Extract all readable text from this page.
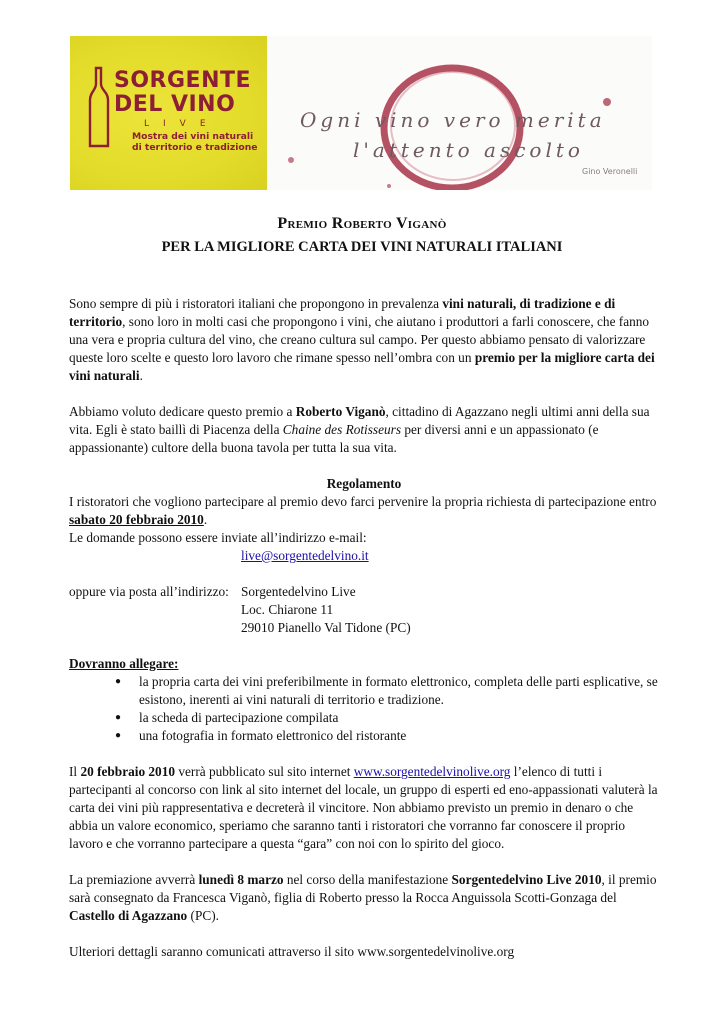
SORGENTE
DEL VINO
LIVE
Mostra dei vini naturali
di territorio e tradizione
Ogni vino vero merita
l'attento ascolto
Gino Veronelli
Premio Roberto Viganò
PER LA MIGLIORE CARTA DEI VINI NATURALI ITALIANI

Sono sempre di più i ristoratori italiani che propongono in prevalenza vini naturali, di tradizione e di territorio, sono loro in molti casi che propongono i vini, che aiutano i produttori a farli conoscere, che fanno una vera e propria cultura del vino, che creano cultura sul campo. Per questo abbiamo pensato di valorizzare queste loro scelte e questo loro lavoro che rimane spesso nell’ombra con un premio per la migliore carta dei vini naturali.

Abbiamo voluto dedicare questo premio a Roberto Viganò, cittadino di Agazzano negli ultimi anni della sua vita. Egli è stato baillì di Piacenza della Chaine des Rotisseurs per diversi anni e un appassionato (e appassionante) cultore della buona tavola per tutta la sua vita.

Regolamento

I ristoratori che vogliono partecipare al premio devo farci pervenire la propria richiesta di partecipazione entro sabato 20 febbraio 2010.

Le domande possono essere inviate all’indirizzo e-mail:

live@sorgentedelvino.it

oppure via posta all’indirizzo: Sorgentedelvino Live
Loc. Chiarone 11
29010 Pianello Val Tidone (PC)

Dovranno allegare:

● la propria carta dei vini preferibilmente in formato elettronico, completa delle parti esplicative, se esistono, inerenti ai vini naturali di territorio e tradizione.
● la scheda di partecipazione compilata
● una fotografia in formato elettronico del ristorante

Il 20 febbraio 2010 verrà pubblicato sul sito internet www.sorgentedelvinolive.org l’elenco di tutti i partecipanti al concorso con link al sito internet del locale, un gruppo di esperti ed eno-appassionati valuterà la carta dei vini più rappresentativa e decreterà il vincitore. Non abbiamo previsto un premio in denaro o che abbia un valore economico, speriamo che saranno tanti i ristoratori che vorranno far conoscere il proprio lavoro e che vorranno partecipare a questa “gara” con noi con lo spirito del gioco.

La premiazione avverrà lunedì 8 marzo nel corso della manifestazione Sorgentedelvino Live 2010, il premio sarà consegnato da Francesca Viganò, figlia di Roberto presso la Rocca Anguissola Scotti-Gonzaga del Castello di Agazzano (PC).

Ulteriori dettagli saranno comunicati attraverso il sito www.sorgentedelvinolive.org
